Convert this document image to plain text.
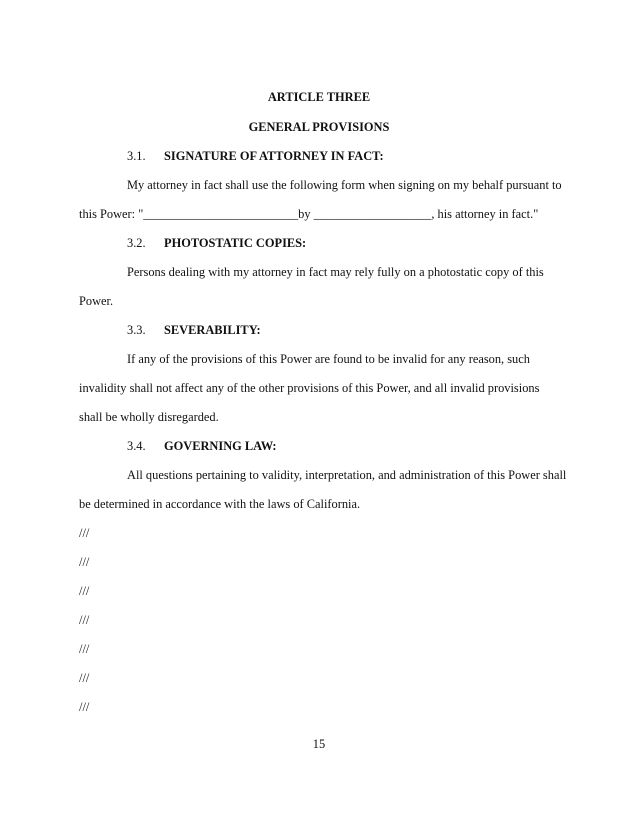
ARTICLE THREE
GENERAL PROVISIONS
3.1. SIGNATURE OF ATTORNEY IN FACT:
My attorney in fact shall use the following form when signing on my behalf pursuant to
this Power: "_________________________by ___________________, his attorney in fact."
3.2. PHOTOSTATIC COPIES:
Persons dealing with my attorney in fact may rely fully on a photostatic copy of this
Power.
3.3. SEVERABILITY:
If any of the provisions of this Power are found to be invalid for any reason, such
invalidity shall not affect any of the other provisions of this Power, and all invalid provisions
shall be wholly disregarded.
3.4. GOVERNING LAW:
All questions pertaining to validity, interpretation, and administration of this Power shall
be determined in accordance with the laws of California.
///
///
///
///
///
///
///
15
